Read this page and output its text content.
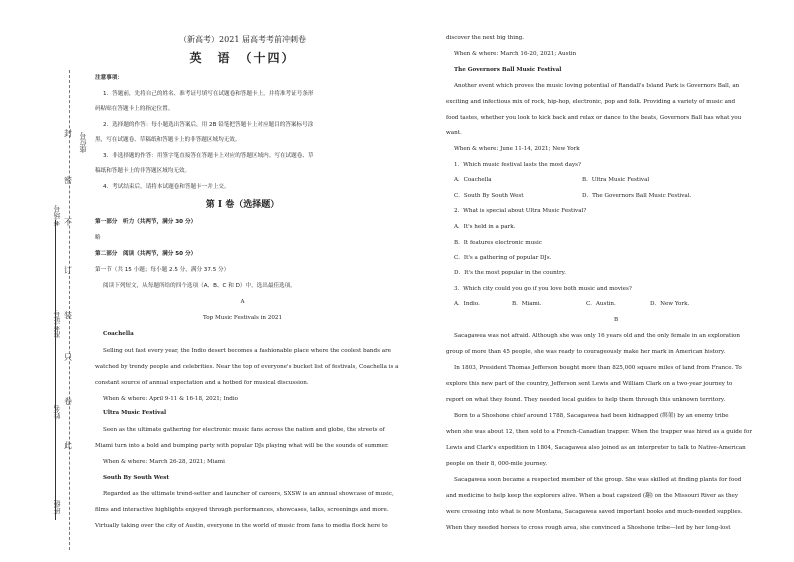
封
密
不
订
装
只
卷
此
座位号
考场号
准考证号
姓名
班级
（新高考）2021 届高考考前冲刺卷
英　语　（十四）
注意事项：
1．答题前，先将自己的姓名、准考证号填写在试题卷和答题卡上，并将准考证号条形
码粘贴在答题卡上的指定位置。
2．选择题的作答：每小题选出答案后，用 2B 铅笔把答题卡上对应题目的答案标号涂
黑，写在试题卷、草稿纸和答题卡上的非答题区域均无效。
3．非选择题的作答：用签字笔直接答在答题卡上对应的答题区域内。写在试题卷、草
稿纸和答题卡上的非答题区域均无效。
4．考试结束后，请将本试题卷和答题卡一并上交。
第 I 卷（选择题）
第一部分　听力（共两节，满分 30 分）
略
第二部分　阅读（共两节，满分 50 分）
第一节（共 15 小题；每小题 2.5 分，满分 37.5 分）
阅读下列短文，从每题所给的四个选项（A、B、C 和 D）中，选出最佳选项。
A
Top Music Festivals in 2021
Coachella
Selling out fast every year, the Indio desert becomes a fashionable place where the coolest bands are
watched by trendy people and celebrities. Near the top of everyone's bucket list of festivals, Coachella is a
constant source of annual expectation and a hotbed for musical discussion.
When & where: April 9-11 & 16-18, 2021; Indio
Ultra Music Festival
Seen as the ultimate gathering for electronic music fans across the nation and globe, the streets of
Miami turn into a bold and bumping party with popular DJs playing what will be the sounds of summer.
When & where: March 26-28, 2021; Miami
South By South West
Regarded as the ultimate trend-setter and launcher of careers, SXSW is an annual showcase of music,
films and interactive highlights enjoyed through performances, showcases, talks, screenings and more.
Virtually taking over the city of Austin, everyone in the world of music from fans to media flock here to
discover the next big thing.
When & where: March 16-20, 2021; Austin
The Governors Ball Music Festival
Another event which proves the music loving potential of Randall's Island Park is Governors Ball, an
exciting and infectious mix of rock, hip-hop, electronic, pop and folk. Providing a variety of music and
food tastes, whether you look to kick back and relax or dance to the beats, Governors Ball has what you
want.
When & where: June 11-14, 2021; New York
1．Which music festival lasts the most days?
A．Coachella	B．Ultra Music Festival
C．South By South West	D．The Governors Ball Music Festival.
2．What is special about Ultra Music Festival?
A．It's held in a park.
B．It features electronic music
C．It's a gathering of popular DJs.
D．It's the most popular in the country.
3．Which city could you go if you love both music and movies?
A．Indio.	B．Miami.	C．Austin.	D．New York.
B
Sacagawea was not afraid. Although she was only 16 years old and the only female in an exploration
group of more than 45 people, she was ready to courageously make her mark in American history.
In 1803, President Thomas Jefferson bought more than 825,000 square miles of land from France. To
explore this new part of the country, Jefferson sent Lewis and William Clark on a two-year journey to
report on what they found. They needed local guides to help them through this unknown territory.
Born to a Shoshone chief around 1788, Sacagawea had been kidnapped (绑架) by an enemy tribe
when she was about 12, then sold to a French-Canadian trapper. When the trapper was hired as a guide for
Lewis and Clark's expedition in 1804, Sacagawea also joined as an interpreter to talk to Native-American
people on their 8, 000-mile journey.
Sacagawea soon became a respected member of the group. She was skilled at finding plants for food
and medicine to help keep the explorers alive. When a boat capsized (翻) on the Missouri River as they
were crossing into what is now Montana, Sacagawea saved important books and much-needed supplies.
When they needed horses to cross rough area, she convinced a Shoshone tribe—led by her long-lost
